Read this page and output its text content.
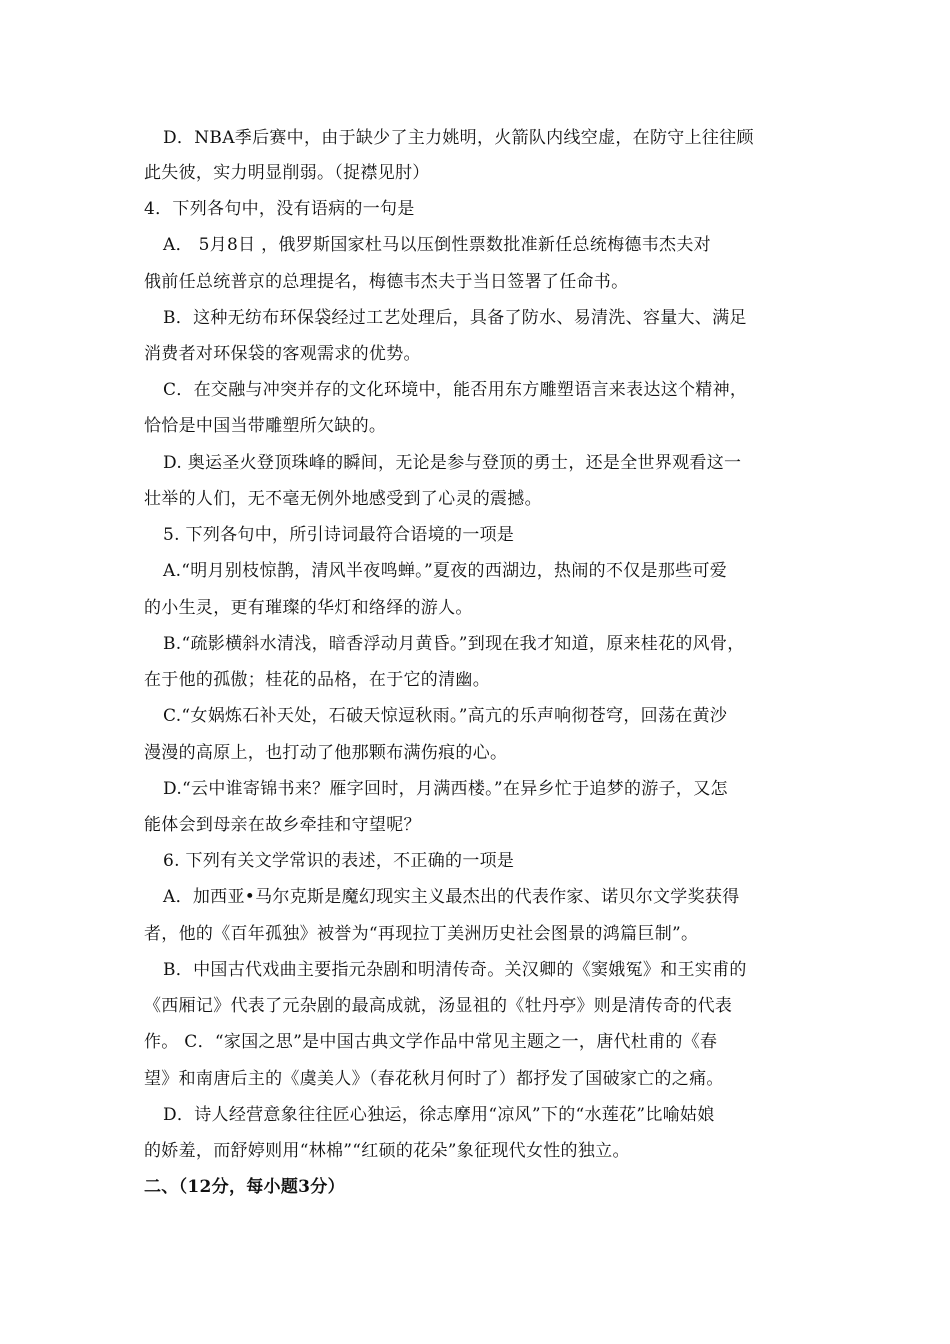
D．NBA季后赛中，由于缺少了主力姚明，火箭队内线空虚，在防守上往往顾
此失彼，实力明显削弱。（捉襟见肘）
4．下列各句中，没有语病的一句是
A． 5月8日 ，俄罗斯国家杜马以压倒性票数批准新任总统梅德韦杰夫对
俄前任总统普京的总理提名，梅德韦杰夫于当日签署了任命书。
B．这种无纺布环保袋经过工艺处理后，具备了防水、易清洗、容量大、满足
消费者对环保袋的客观需求的优势。
C．在交融与冲突并存的文化环境中，能否用东方雕塑语言来表达这个精神，
恰恰是中国当带雕塑所欠缺的。
D. 奥运圣火登顶珠峰的瞬间，无论是参与登顶的勇士，还是全世界观看这一
壮举的人们，无不毫无例外地感受到了心灵的震撼。
5. 下列各句中，所引诗词最符合语境的一项是
A.“明月别枝惊鹊，清风半夜鸣蝉。”夏夜的西湖边，热闹的不仅是那些可爱
的小生灵，更有璀璨的华灯和络绎的游人。
B.“疏影横斜水清浅，暗香浮动月黄昏。”到现在我才知道，原来桂花的风骨，
在于他的孤傲；桂花的品格，在于它的清幽。
C.“女娲炼石补天处，石破天惊逗秋雨。”高亢的乐声响彻苍穹，回荡在黄沙
漫漫的高原上，也打动了他那颗布满伤痕的心。
D.“云中谁寄锦书来？雁字回时，月满西楼。”在异乡忙于追梦的游子，又怎
能体会到母亲在故乡牵挂和守望呢？
6. 下列有关文学常识的表述，不正确的一项是
A．加西亚•马尔克斯是魔幻现实主义最杰出的代表作家、诺贝尔文学奖获得
者，他的《百年孤独》被誉为“再现拉丁美洲历史社会图景的鸿篇巨制”。
B．中国古代戏曲主要指元杂剧和明清传奇。关汉卿的《窦娥冤》和王实甫的
《西厢记》代表了元杂剧的最高成就，汤显祖的《牡丹亭》则是清传奇的代表
作。 C．“家国之思”是中国古典文学作品中常见主题之一，唐代杜甫的《春
望》和南唐后主的《虞美人》（春花秋月何时了）都抒发了国破家亡的之痛。
D．诗人经营意象往往匠心独运，徐志摩用“凉风”下的“水莲花”比喻姑娘
的娇羞，而舒婷则用“林棉”“红硕的花朵”象征现代女性的独立。
二、（12分，每小题3分）
